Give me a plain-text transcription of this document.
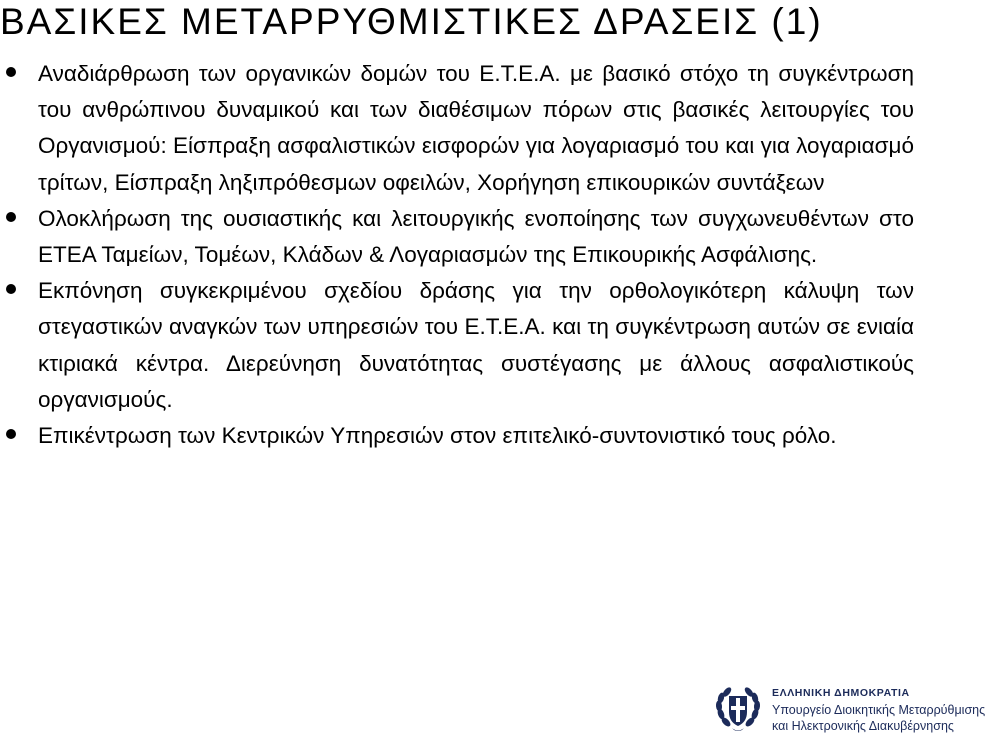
ΒΑΣΙΚΕΣ ΜΕΤΑΡΡΥΘΜΙΣΤΙΚΕΣ ΔΡΑΣΕΙΣ (1)
Αναδιάρθρωση των οργανικών δομών του Ε.Τ.Ε.Α. με βασικό στόχο τη συγκέντρωση του ανθρώπινου δυναμικού και των διαθέσιμων πόρων στις βασικές λειτουργίες του Οργανισμού: Είσπραξη ασφαλιστικών εισφορών για λογαριασμό του και για λογαριασμό τρίτων, Είσπραξη ληξιπρόθεσμων οφειλών, Χορήγηση επικουρικών συντάξεων
Ολοκλήρωση της ουσιαστικής και λειτουργικής ενοποίησης των συγχωνευθέντων στο ΕΤΕΑ Ταμείων, Τομέων, Κλάδων & Λογαριασμών της Επικουρικής Ασφάλισης.
Εκπόνηση συγκεκριμένου σχεδίου δράσης για την ορθολογικότερη κάλυψη των στεγαστικών αναγκών των υπηρεσιών του Ε.Τ.Ε.Α. και τη συγκέντρωση αυτών σε ενιαία κτιριακά κέντρα. Διερεύνηση δυνατότητας συστέγασης με άλλους ασφαλιστικούς οργανισμούς.
Επικέντρωση των Κεντρικών Υπηρεσιών στον επιτελικό-συντονιστικό τους ρόλο.
ΕΛΛΗΝΙΚΗ ΔΗΜΟΚΡΑΤΙΑ
Υπουργείο Διοικητικής Μεταρρύθμισης
και Ηλεκτρονικής Διακυβέρνησης
